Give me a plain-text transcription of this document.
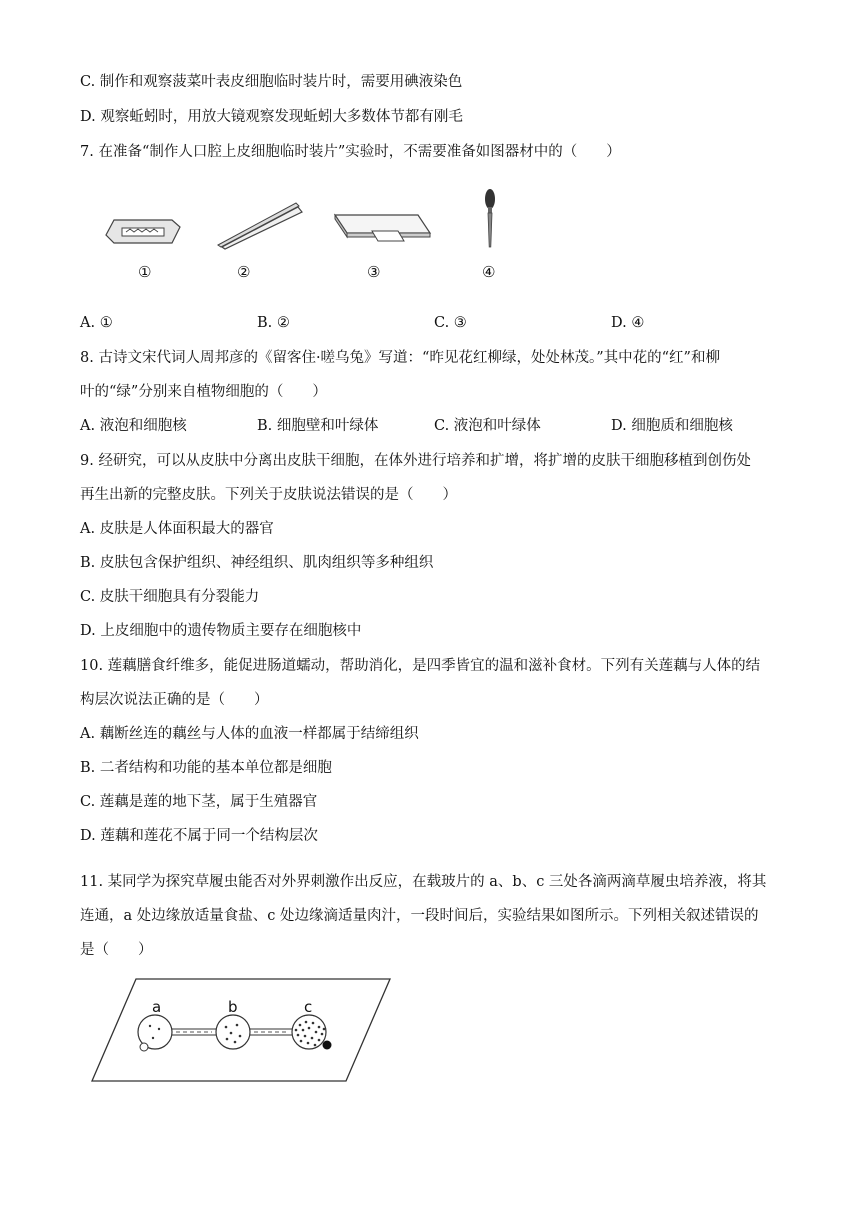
C. 制作和观察菠菜叶表皮细胞临时装片时，需要用碘液染色
D. 观察蚯蚓时，用放大镜观察发现蚯蚓大多数体节都有刚毛
7. 在准备“制作人口腔上皮细胞临时装片”实验时，不需要准备如图器材中的（　　）
①	②	③	④
A. ①	B. ②	C. ③	D. ④
8. 古诗文宋代词人周邦彦的《留客住·嗟乌兔》写道：“昨见花红柳绿，处处林茂。”其中花的“红”和柳
叶的“绿”分别来自植物细胞的（　　）
A. 液泡和细胞核	B. 细胞壁和叶绿体	C. 液泡和叶绿体	D. 细胞质和细胞核
9. 经研究，可以从皮肤中分离出皮肤干细胞，在体外进行培养和扩增，将扩增的皮肤干细胞移植到创伤处
再生出新的完整皮肤。下列关于皮肤说法错误的是（　　）
A. 皮肤是人体面积最大的器官
B. 皮肤包含保护组织、神经组织、肌肉组织等多种组织
C. 皮肤干细胞具有分裂能力
D. 上皮细胞中的遗传物质主要存在细胞核中
10. 莲藕膳食纤维多，能促进肠道蠕动，帮助消化，是四季皆宜的温和滋补食材。下列有关莲藕与人体的结
构层次说法正确的是（　　）
A. 藕断丝连的藕丝与人体的血液一样都属于结缔组织
B. 二者结构和功能的基本单位都是细胞
C. 莲藕是莲的地下茎，属于生殖器官
D. 莲藕和莲花不属于同一个结构层次
11. 某同学为探究草履虫能否对外界刺激作出反应，在载玻片的 a、b、c 三处各滴两滴草履虫培养液，将其
连通，a 处边缘放适量食盐、c 处边缘滴适量肉汁，一段时间后，实验结果如图所示。下列相关叙述错误的
是（　　）
a	b	c
